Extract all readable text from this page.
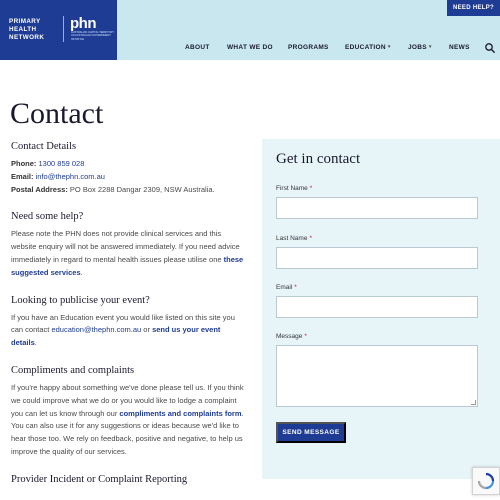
PRIMARY
HEALTH
NETWORK
phn
AUSTRALIAN CAPITAL TERRITORY AN AUSTRALIAN GOVERNMENT INITIATIVE
NEED HELP?
ABOUT	WHAT WE DO PROGRAMS	EDUCATION ▾	JOBS ▾	NEWS
Contact
Contact Details
Phone: 1300 859 028
Email: info@thephn.com.au
Postal Address: PO Box 2288 Dangar 2309, NSW Australia.
Need some help?

Please note the PHN does not provide clinical services and this website enquiry will not be answered immediately. If you need advice immediately in regard to mental health issues please utilise one these suggested services.

Looking to publicise your event?

If you have an Education event you would like listed on this site you can contact education@thephn.com.au or send us your event details.

Compliments and complaints

If you're happy about something we've done please tell us. If you think we could improve what we do or you would like to lodge a complaint you can let us know through our compliments and complaints form. You can also use it for any suggestions or ideas because we'd like to hear those too. We rely on feedback, positive and negative, to help us improve the quality of our services.

Provider Incident or Complaint Reporting
Get in contact
First Name *
Last Name *
Email *
Message *
SEND MESSAGE
